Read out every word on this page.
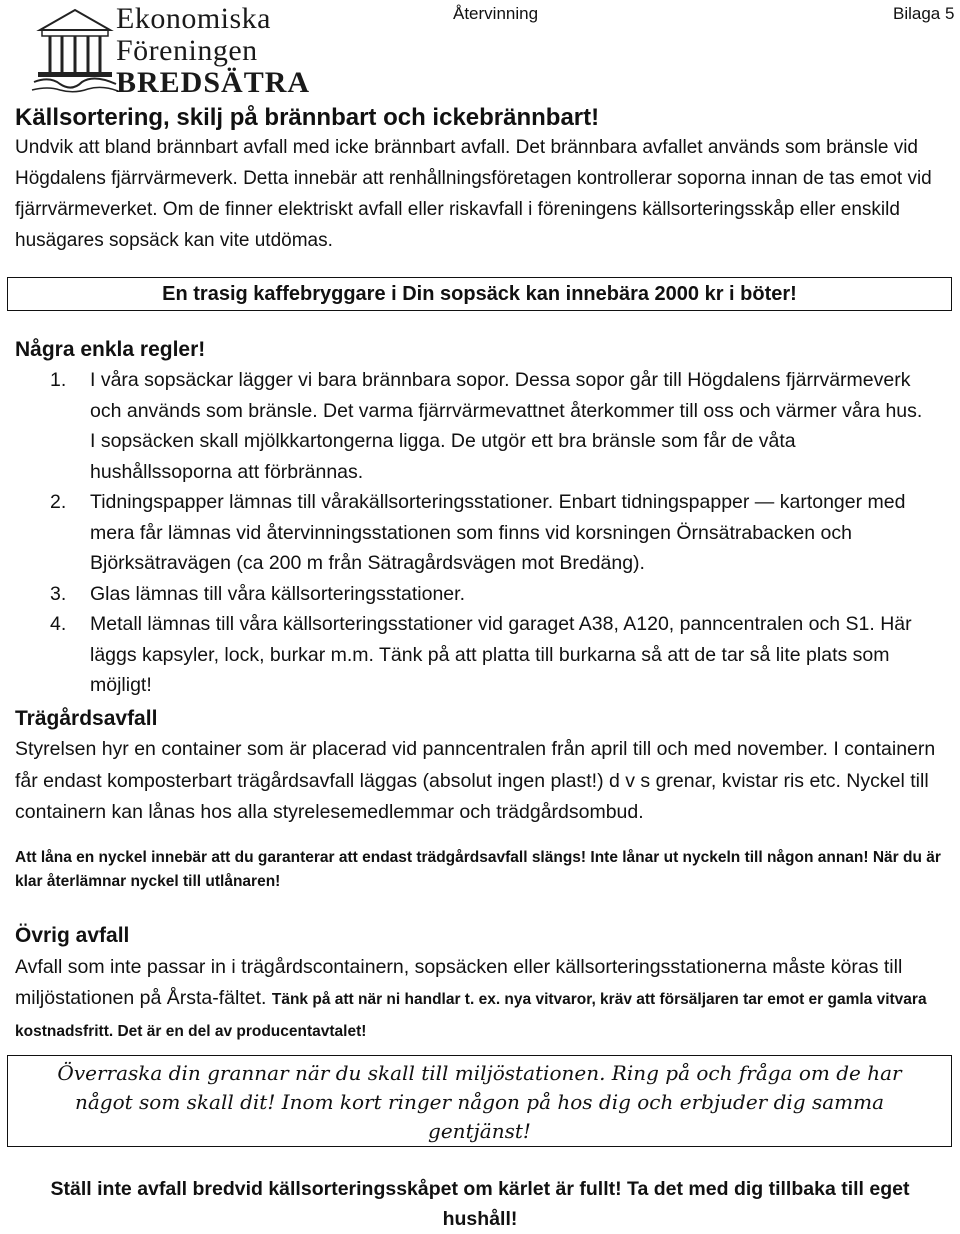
Ekonomiska
Föreningen
BREDSÄTRA
Återvinning	Bilaga 5
Källsortering, skilj på brännbart och ickebrännbart!
Undvik att bland brännbart avfall med icke brännbart avfall. Det brännbara avfallet används som bränsle vid Högdalens fjärrvärmeverk. Detta innebär att renhållningsföretagen kontrollerar soporna innan de tas emot vid fjärrvärmeverket. Om de finner elektriskt avfall eller riskavfall i föreningens källsorteringsskåp eller enskild husägares sopsäck kan vite utdömas.
En trasig kaffebryggare i Din sopsäck kan innebära 2000 kr i böter!
Några enkla regler!
1. I våra sopsäckar lägger vi bara brännbara sopor. Dessa sopor går till Högdalens fjärrvärmeverk och används som bränsle. Det varma fjärrvärmevattnet återkommer till oss och värmer våra hus. I sopsäcken skall mjölkkartongerna ligga. De utgör ett bra bränsle som får de våta hushållssoporna att förbrännas.
2. Tidningspapper lämnas till vårakällsorteringsstationer. Enbart tidningspapper — kartonger med mera får lämnas vid återvinningsstationen som finns vid korsningen Örnsätrabacken och Björksätravägen (ca 200 m från Sätragårdsvägen mot Bredäng).
3. Glas lämnas till våra källsorteringsstationer.
4. Metall lämnas till våra källsorteringsstationer vid garaget A38, A120, panncentralen och S1. Här läggs kapsyler, lock, burkar m.m. Tänk på att platta till burkarna så att de tar så lite plats som möjligt!
Trägårdsavfall
Styrelsen hyr en container som är placerad vid panncentralen från april till och med november. I containern får endast komposterbart trägårdsavfall läggas (absolut ingen plast!) d v s grenar, kvistar ris etc. Nyckel till containern kan lånas hos alla styrelesemedlemmar och trädgårdsombud.
Att låna en nyckel innebär att du garanterar att endast trädgårdsavfall slängs! Inte lånar ut nyckeln till någon annan! När du är klar återlämnar nyckel till utlånaren!
Övrig avfall
Avfall som inte passar in i trägårdscontainern, sopsäcken eller källsorteringsstationerna måste köras till miljöstationen på Årsta-fältet. Tänk på att när ni handlar t. ex. nya vitvaror, kräv att försäljaren tar emot er gamla vitvara kostnadsfritt. Det är en del av producentavtalet!
Överraska din grannar när du skall till miljöstationen. Ring på och fråga om de har något som skall dit! Inom kort ringer någon på hos dig och erbjuder dig samma gentjänst!
Ställ inte avfall bredvid källsorteringsskåpet om kärlet är fullt! Ta det med dig tillbaka till eget hushåll!
